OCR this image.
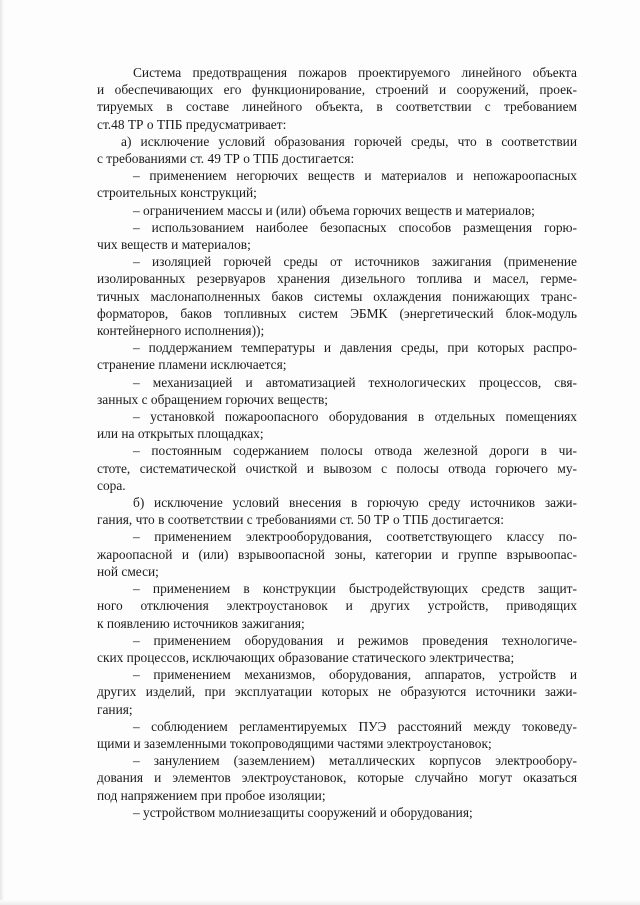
Система предотвращения пожаров проектируемого линейного объекта
и обеспечивающих его функционирование, строений и сооружений, проек-
тируемых в составе линейного объекта, в соответствии с требованием
ст.48 ТР о ТПБ предусматривает:
а) исключение условий образования горючей среды, что в соответствии
с требованиями ст. 49 ТР о ТПБ достигается:
– применением негорючих веществ и материалов и непожароопасных
строительных конструкций;
– ограничением массы и (или) объема горючих веществ и материалов;
– использованием наиболее безопасных способов размещения горю-
чих веществ и материалов;
– изоляцией горючей среды от источников зажигания (применение
изолированных резервуаров хранения дизельного топлива и масел, гермe-
тичных маслонаполненных баков системы охлаждения понижающих транс-
форматоров, баков топливных систем ЭБМК (энергетический блок-модуль
контейнерного исполнения));
– поддержанием температуры и давления среды, при которых распро-
странение пламени исключается;
– механизацией и автоматизацией технологических процессов, свя-
занных с обращением горючих веществ;
– установкой пожароопасного оборудования в отдельных помещениях
или на открытых площадках;
– постоянным содержанием полосы отвода железной дороги в чи-
стоте, систематической очисткой и вывозом с полосы отвода горючего му-
сора.
б) исключение условий внесения в горючую среду источников зажи-
гания, что в соответствии с требованиями ст. 50 ТР о ТПБ достигается:
– применением электрооборудования, соответствующего классу по-
жароопасной и (или) взрывоопасной зоны, категории и группе взрывоопас-
ной смеси;
– применением в конструкции быстродействующих средств защит-
ного отключения электроустановок и других устройств, приводящих
к появлению источников зажигания;
– применением оборудования и режимов проведения технологиче-
ских процессов, исключающих образование статического электричества;
– применением механизмов, оборудования, аппаратов, устройств и
других изделий, при эксплуатации которых не образуются источники зажи-
гания;
– соблюдением регламентируемых ПУЭ расстояний между токоведу-
щими и заземленными токопроводящими частями электроустановок;
– занулением (заземлением) металлических корпусов электрообору-
дования и элементов электроустановок, которые случайно могут оказаться
под напряжением при пробое изоляции;
– устройством молниезащиты сооружений и оборудования;
